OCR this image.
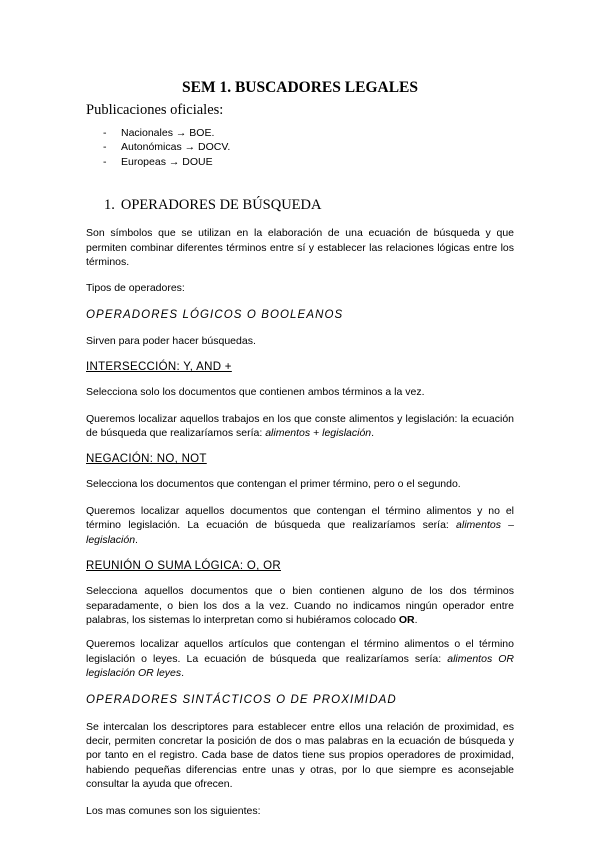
SEM 1. BUSCADORES LEGALES
Publicaciones oficiales:
- Nacionales → BOE.
- Autonómicas → DOCV.
- Europeas → DOUE
1. OPERADORES DE BÚSQUEDA

Son símbolos que se utilizan en la elaboración de una ecuación de búsqueda y que permiten combinar diferentes términos entre sí y establecer las relaciones lógicas entre los términos.

Tipos de operadores:

OPERADORES LÓGICOS O BOOLEANOS

Sirven para poder hacer búsquedas.

INTERSECCIÓN: Y, AND +

Selecciona solo los documentos que contienen ambos términos a la vez.

Queremos localizar aquellos trabajos en los que conste alimentos y legislación: la ecuación de búsqueda que realizaríamos sería: alimentos + legislación.

NEGACIÓN: NO, NOT

Selecciona los documentos que contengan el primer término, pero o el segundo.

Queremos localizar aquellos documentos que contengan el término alimentos y no el término legislación. La ecuación de búsqueda que realizaríamos sería: alimentos – legislación.

REUNIÓN O SUMA LÓGICA: O, OR

Selecciona aquellos documentos que o bien contienen alguno de los dos términos separadamente, o bien los dos a la vez. Cuando no indicamos ningún operador entre palabras, los sistemas lo interpretan como si hubiéramos colocado OR.

Queremos localizar aquellos artículos que contengan el término alimentos o el término legislación o leyes. La ecuación de búsqueda que realizaríamos sería: alimentos OR legislación OR leyes.

OPERADORES SINTÁCTICOS O DE PROXIMIDAD

Se intercalan los descriptores para establecer entre ellos una relación de proximidad, es decir, permiten concretar la posición de dos o mas palabras en la ecuación de búsqueda y por tanto en el registro. Cada base de datos tiene sus propios operadores de proximidad, habiendo pequeñas diferencias entre unas y otras, por lo que siempre es aconsejable consultar la ayuda que ofrecen.

Los mas comunes son los siguientes:
